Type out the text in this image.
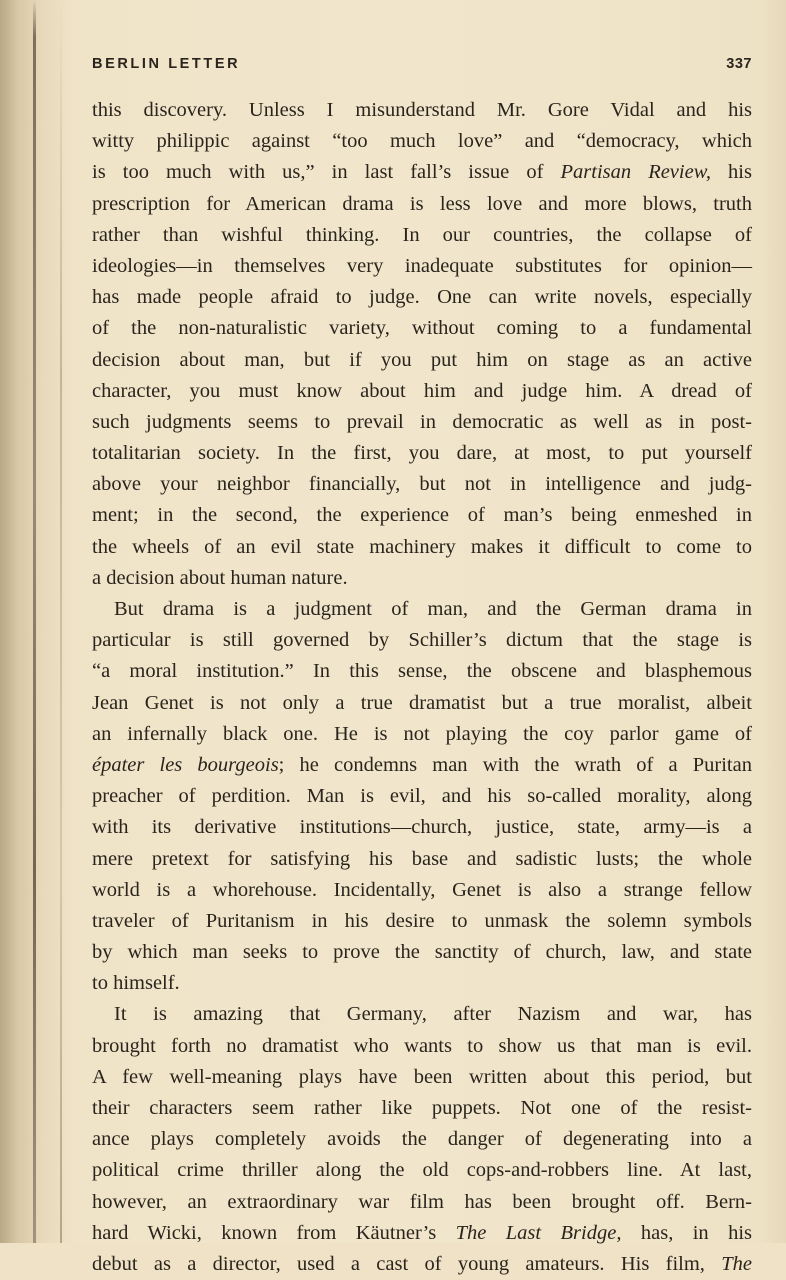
BERLIN LETTER	337
this discovery. Unless I misunderstand Mr. Gore Vidal and his
witty philippic against “too much love” and “democracy, which
is too much with us,” in last fall’s issue of Partisan Review, his
prescription for American drama is less love and more blows, truth
rather than wishful thinking. In our countries, the collapse of
ideologies—in themselves very inadequate substitutes for opinion—
has made people afraid to judge. One can write novels, especially
of the non-naturalistic variety, without coming to a fundamental
decision about man, but if you put him on stage as an active
character, you must know about him and judge him. A dread of
such judgments seems to prevail in democratic as well as in post-
totalitarian society. In the first, you dare, at most, to put yourself
above your neighbor financially, but not in intelligence and judg-
ment; in the second, the experience of man’s being enmeshed in
the wheels of an evil state machinery makes it difficult to come to
a decision about human nature.
But drama is a judgment of man, and the German drama in
particular is still governed by Schiller’s dictum that the stage is
“a moral institution.” In this sense, the obscene and blasphemous
Jean Genet is not only a true dramatist but a true moralist, albeit
an infernally black one. He is not playing the coy parlor game of
épater les bourgeois; he condemns man with the wrath of a Puritan
preacher of perdition. Man is evil, and his so-called morality, along
with its derivative institutions—church, justice, state, army—is a
mere pretext for satisfying his base and sadistic lusts; the whole
world is a whorehouse. Incidentally, Genet is also a strange fellow
traveler of Puritanism in his desire to unmask the solemn symbols
by which man seeks to prove the sanctity of church, law, and state
to himself.
It is amazing that Germany, after Nazism and war, has
brought forth no dramatist who wants to show us that man is evil.
A few well-meaning plays have been written about this period, but
their characters seem rather like puppets. Not one of the resist-
ance plays completely avoids the danger of degenerating into a
political crime thriller along the old cops-and-robbers line. At last,
however, an extraordinary war film has been brought off. Bern-
hard Wicki, known from Käutner’s The Last Bridge, has, in his
debut as a director, used a cast of young amateurs. His film, The
